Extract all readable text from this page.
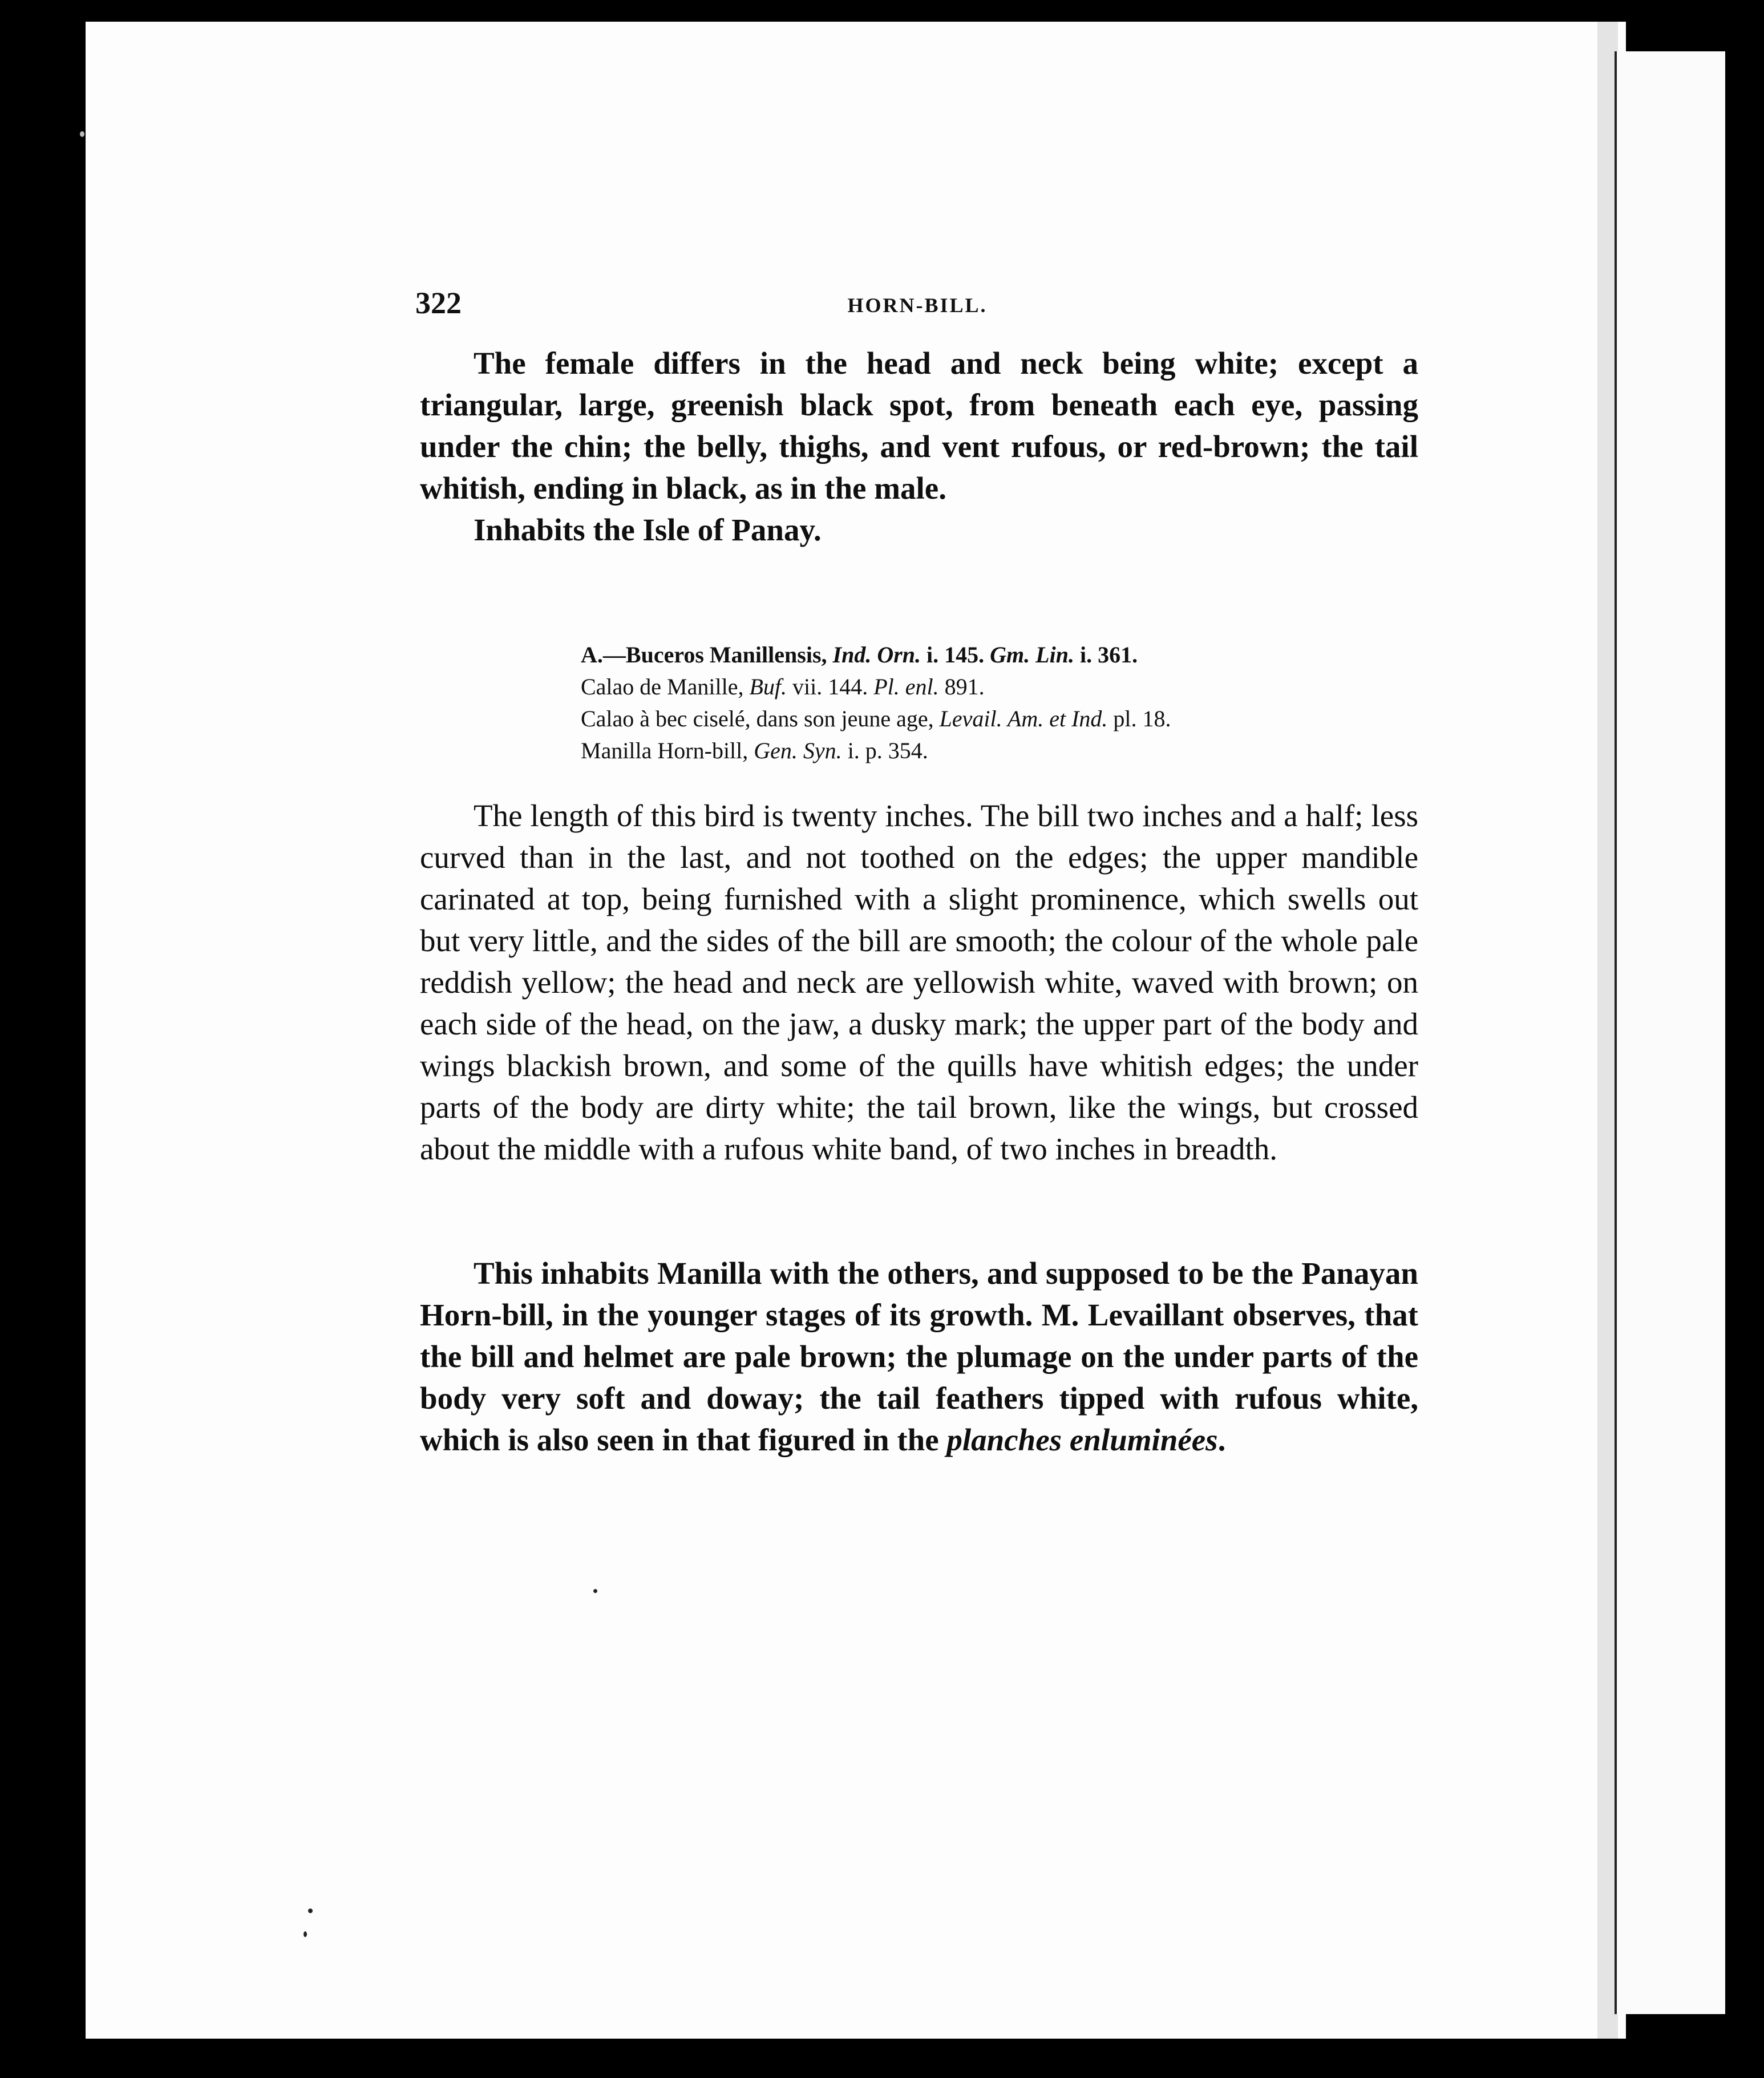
322	HORN-BILL.

The female differs in the head and neck being white; except a triangular, large, greenish black spot, from beneath each eye, passing under the chin; the belly, thighs, and vent rufous, or red-brown; the tail whitish, ending in black, as in the male.

Inhabits the Isle of Panay.

A.—Buceros Manillensis, Ind. Orn. i. 145. Gm. Lin. i. 361.
Calao de Manille, Buf. vii. 144. Pl. enl. 891.
Calao à bec ciselé, dans son jeune age, Levail. Am. et Ind. pl. 18.
Manilla Horn-bill, Gen. Syn. i. p. 354.

The length of this bird is twenty inches. The bill two inches and a half; less curved than in the last, and not toothed on the edges; the upper mandible carinated at top, being furnished with a slight prominence, which swells out but very little, and the sides of the bill are smooth; the colour of the whole pale reddish yellow; the head and neck are yellowish white, waved with brown; on each side of the head, on the jaw, a dusky mark; the upper part of the body and wings blackish brown, and some of the quills have whitish edges; the under parts of the body are dirty white; the tail brown, like the wings, but crossed about the middle with a rufous white band, of two inches in breadth.

This inhabits Manilla with the others, and supposed to be the Panayan Horn-bill, in the younger stages of its growth. M. Levaillant observes, that the bill and helmet are pale brown; the plumage on the under parts of the body very soft and doway; the tail feathers tipped with rufous white, which is also seen in that figured in the planches enluminées.
